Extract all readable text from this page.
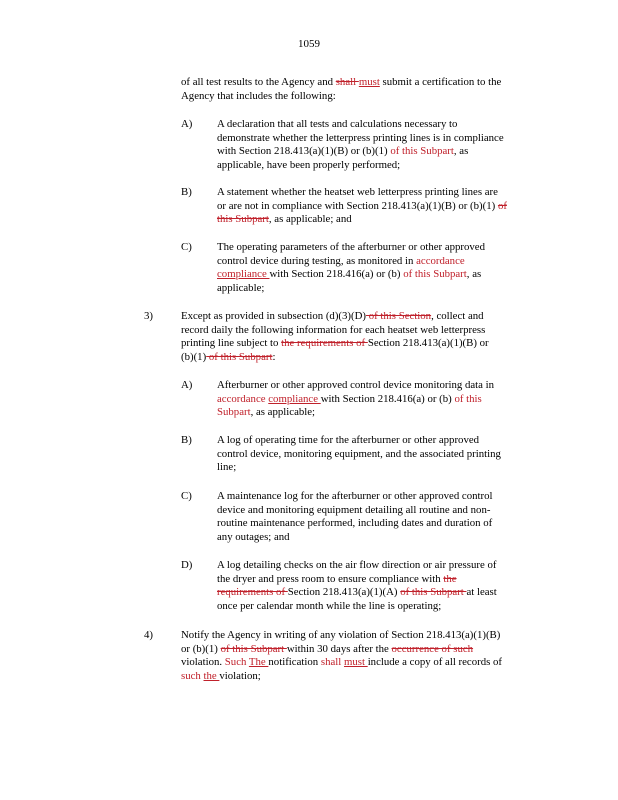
1059
of all test results to the Agency and shall must submit a certification to the
Agency that includes the following:
A) A declaration that all tests and calculations necessary to
demonstrate whether the letterpress printing lines is in compliance
with Section 218.413(a)(1)(B) or (b)(1) of this Subpart, as
applicable, have been properly performed;
B) A statement whether the heatset web letterpress printing lines are
or are not in compliance with Section 218.413(a)(1)(B) or (b)(1) of
this Subpart, as applicable; and
C) The operating parameters of the afterburner or other approved
control device during testing, as monitored in accordance
compliance with Section 218.416(a) or (b) of this Subpart, as
applicable;
3)	Except as provided in subsection (d)(3)(D) of this Section, collect and
record daily the following information for each heatset web letterpress
printing line subject to the requirements of Section 218.413(a)(1)(B) or
(b)(1) of this Subpart:
A) Afterburner or other approved control device monitoring data in
accordance compliance with Section 218.416(a) or (b) of this
Subpart, as applicable;
B) A log of operating time for the afterburner or other approved
control device, monitoring equipment, and the associated printing
line;
C) A maintenance log for the afterburner or other approved control
device and monitoring equipment detailing all routine and non-
routine maintenance performed, including dates and duration of
any outages; and
D) A log detailing checks on the air flow direction or air pressure of
the dryer and press room to ensure compliance with the
requirements of Section 218.413(a)(1)(A) of this Subpart at least
once per calendar month while the line is operating;
4)	Notify the Agency in writing of any violation of Section 218.413(a)(1)(B)
or (b)(1) of this Subpart within 30 days after the occurrence of such
violation. Such The notification shall must include a copy of all records of
such the violation;
